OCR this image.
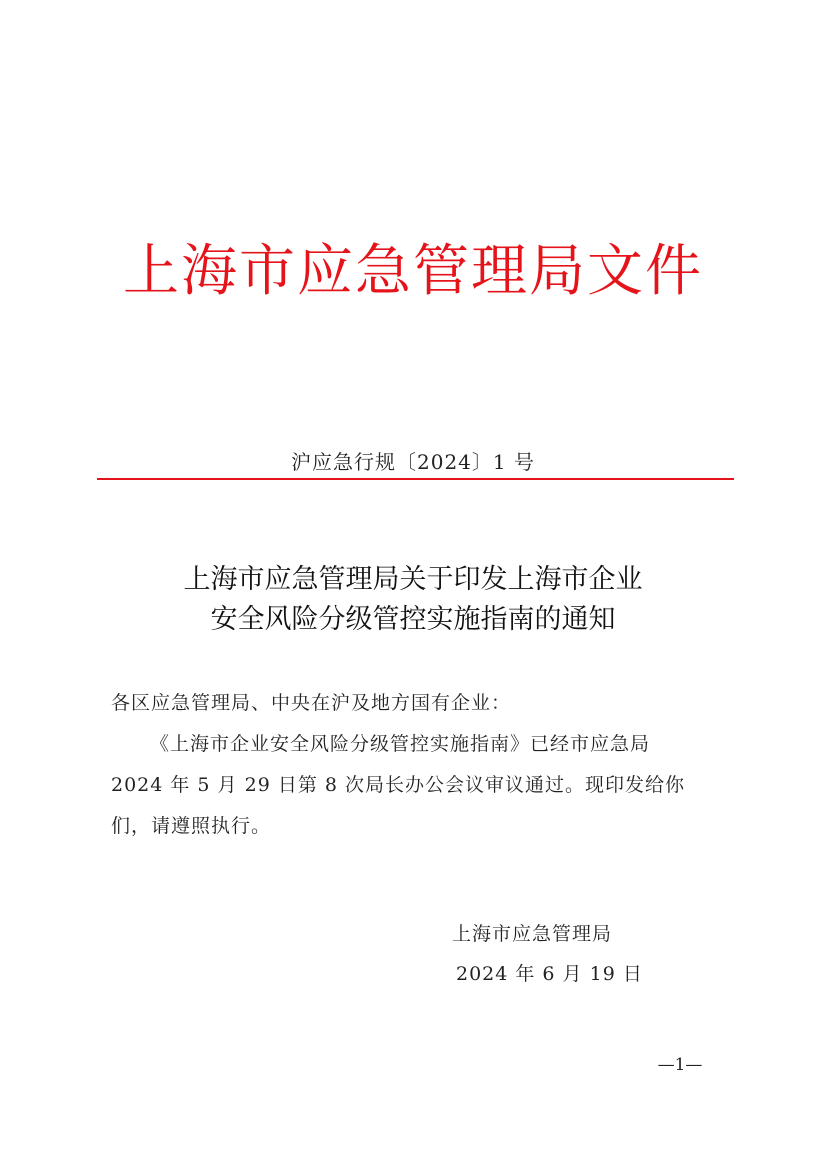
上海市应急管理局文件
沪应急行规〔2024〕1 号
上海市应急管理局关于印发上海市企业
安全风险分级管控实施指南的通知
各区应急管理局、中央在沪及地方国有企业：
《上海市企业安全风险分级管控实施指南》已经市应急局
2024 年 5 月 29 日第 8 次局长办公会议审议通过。现印发给你
们，请遵照执行。
上海市应急管理局
2024 年 6 月 19 日
—1—
